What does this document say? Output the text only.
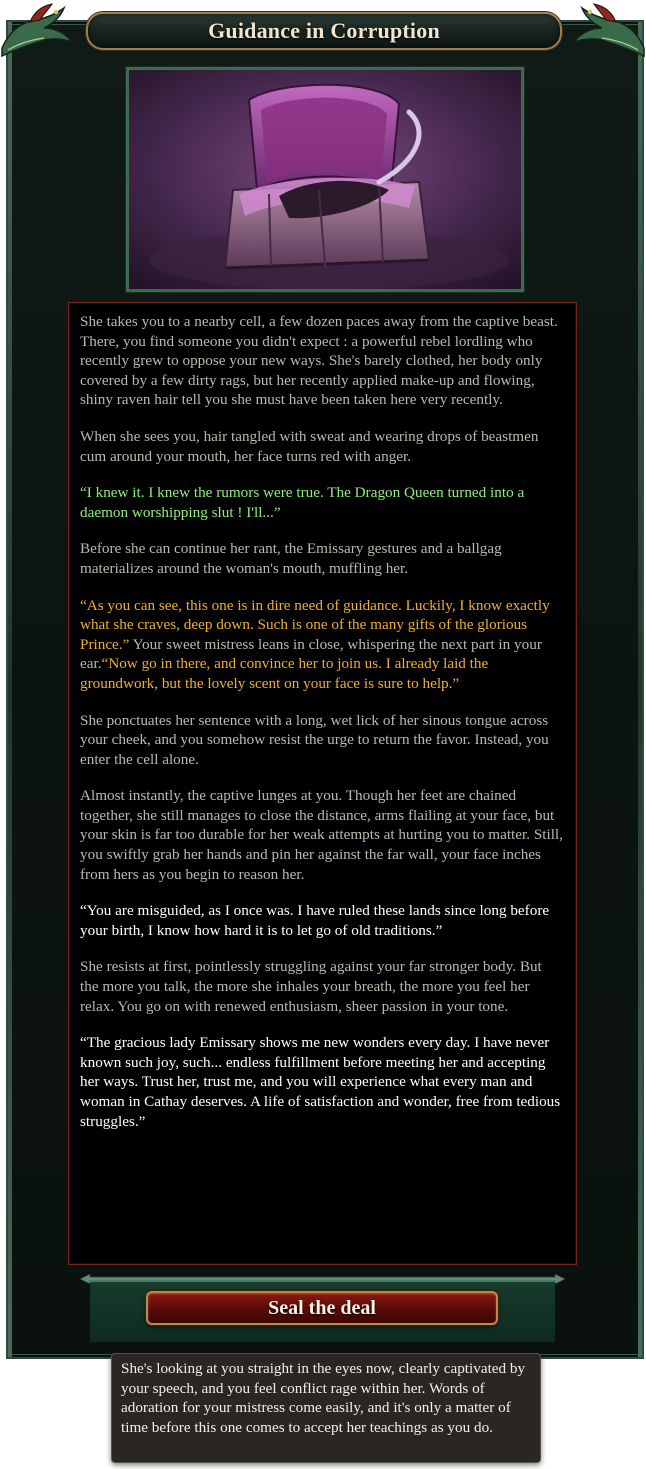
Guidance in Corruption

She takes you to a nearby cell, a few dozen paces away from the captive beast. There, you find someone you didn't expect : a powerful rebel lordling who recently grew to oppose your new ways. She's barely clothed, her body only covered by a few dirty rags, but her recently applied make-up and flowing, shiny raven hair tell you she must have been taken here very recently.

When she sees you, hair tangled with sweat and wearing drops of beastmen cum around your mouth, her face turns red with anger.

“I knew it. I knew the rumors were true. The Dragon Queen turned into a daemon worshipping slut ! I'll...”

Before she can continue her rant, the Emissary gestures and a ballgag materializes around the woman's mouth, muffling her.

“As you can see, this one is in dire need of guidance. Luckily, I know exactly what she craves, deep down. Such is one of the many gifts of the glorious Prince.” Your sweet mistress leans in close, whispering the next part in your ear.“Now go in there, and convince her to join us. I already laid the groundwork, but the lovely scent on your face is sure to help.”

She ponctuates her sentence with a long, wet lick of her sinous tongue across your cheek, and you somehow resist the urge to return the favor. Instead, you enter the cell alone.

Almost instantly, the captive lunges at you. Though her feet are chained together, she still manages to close the distance, arms flailing at your face, but your skin is far too durable for her weak attempts at hurting you to matter. Still, you swiftly grab her hands and pin her against the far wall, your face inches from hers as you begin to reason her.

“You are misguided, as I once was. I have ruled these lands since long before your birth, I know how hard it is to let go of old traditions.”

She resists at first, pointlessly struggling against your far stronger body. But the more you talk, the more she inhales your breath, the more you feel her relax. You go on with renewed enthusiasm, sheer passion in your tone.

“The gracious lady Emissary shows me new wonders every day. I have never known such joy, such... endless fulfillment before meeting her and accepting her ways. Trust her, trust me, and you will experience what every man and woman in Cathay deserves. A life of satisfaction and wonder, free from tedious struggles.”

Seal the deal

She's looking at you straight in the eyes now, clearly captivated by your speech, and you feel conflict rage within her. Words of adoration for your mistress come easily, and it's only a matter of time before this one comes to accept her teachings as you do.
